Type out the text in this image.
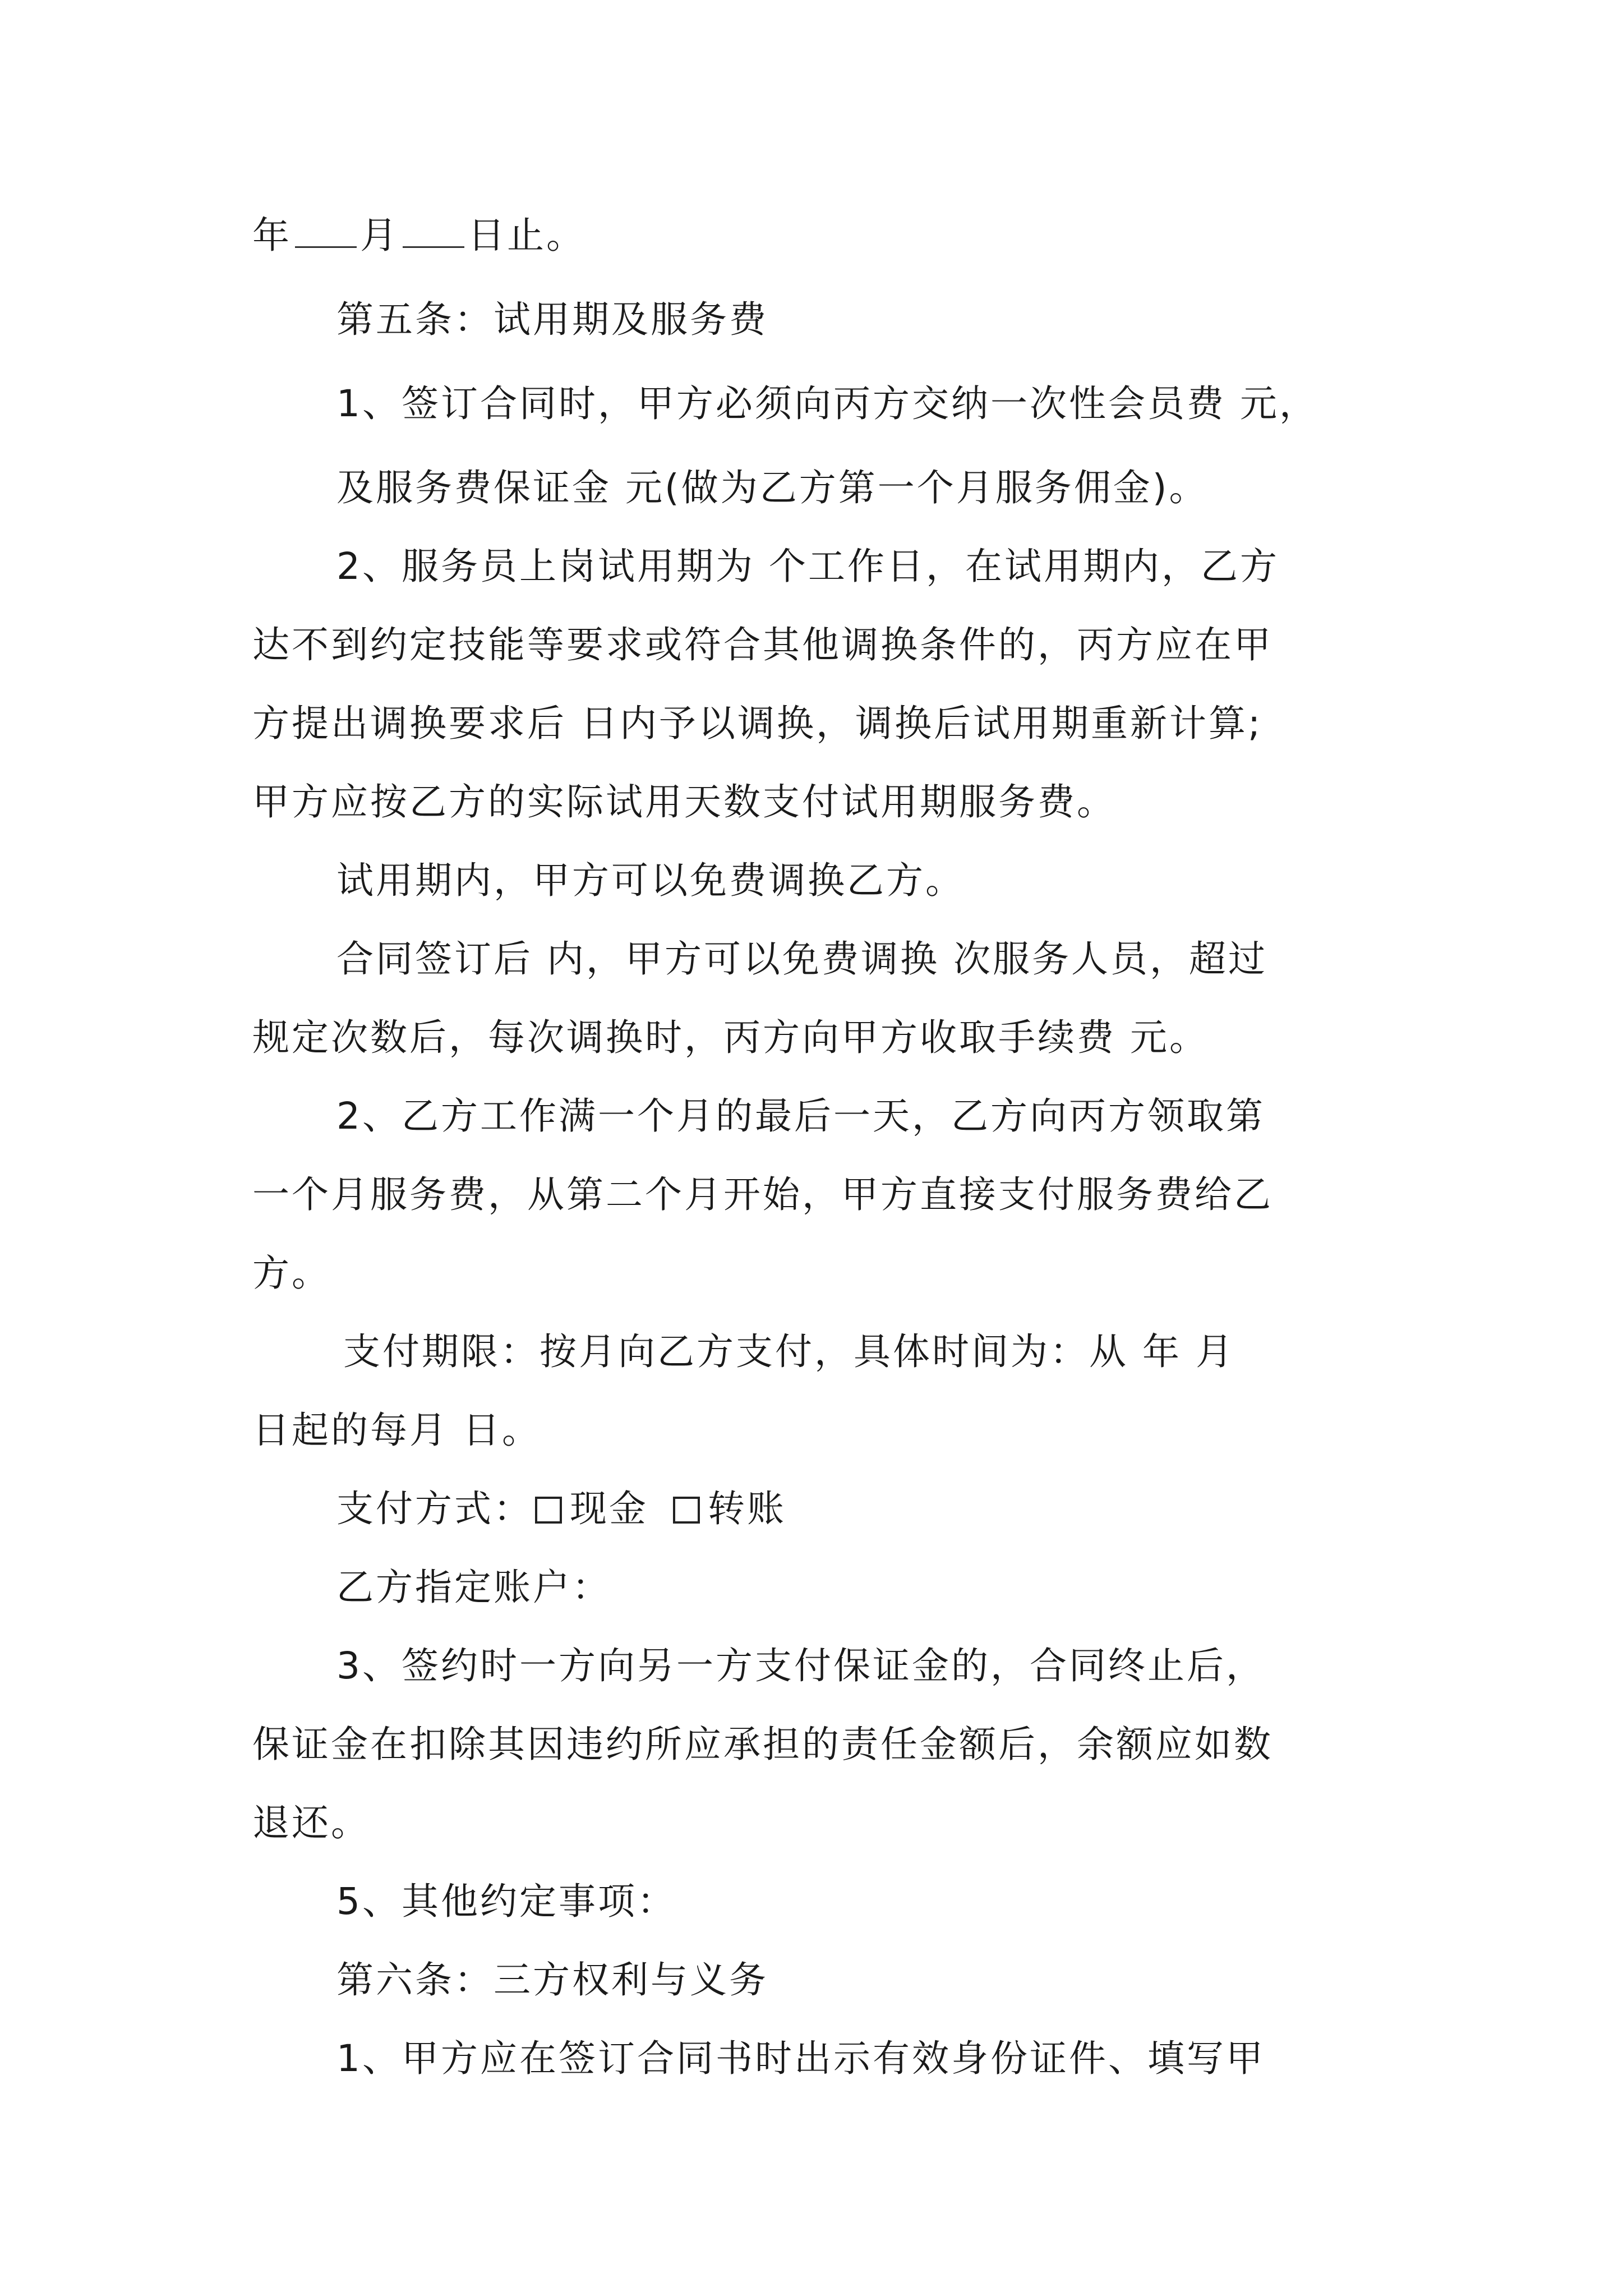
年 月 日止。
第五条：试用期及服务费
1、签订合同时，甲方必须向丙方交纳一次性会员费 元，
及服务费保证金 元(做为乙方第一个月服务佣金)。
2、服务员上岗试用期为 个工作日，在试用期内，乙方
达不到约定技能等要求或符合其他调换条件的，丙方应在甲
方提出调换要求后 日内予以调换，调换后试用期重新计算;
甲方应按乙方的实际试用天数支付试用期服务费。
试用期内，甲方可以免费调换乙方。
合同签订后 内，甲方可以免费调换 次服务人员，超过
规定次数后，每次调换时，丙方向甲方收取手续费 元。
2、乙方工作满一个月的最后一天，乙方向丙方领取第
一个月服务费，从第二个月开始，甲方直接支付服务费给乙
方。
支付期限：按月向乙方支付，具体时间为：从 年 月
日起的每月 日。
支付方式： 现金 转账
乙方指定账户：
3、签约时一方向另一方支付保证金的，合同终止后，
保证金在扣除其因违约所应承担的责任金额后，余额应如数
退还。
5、其他约定事项：
第六条：三方权利与义务
1、甲方应在签订合同书时出示有效身份证件、填写甲
